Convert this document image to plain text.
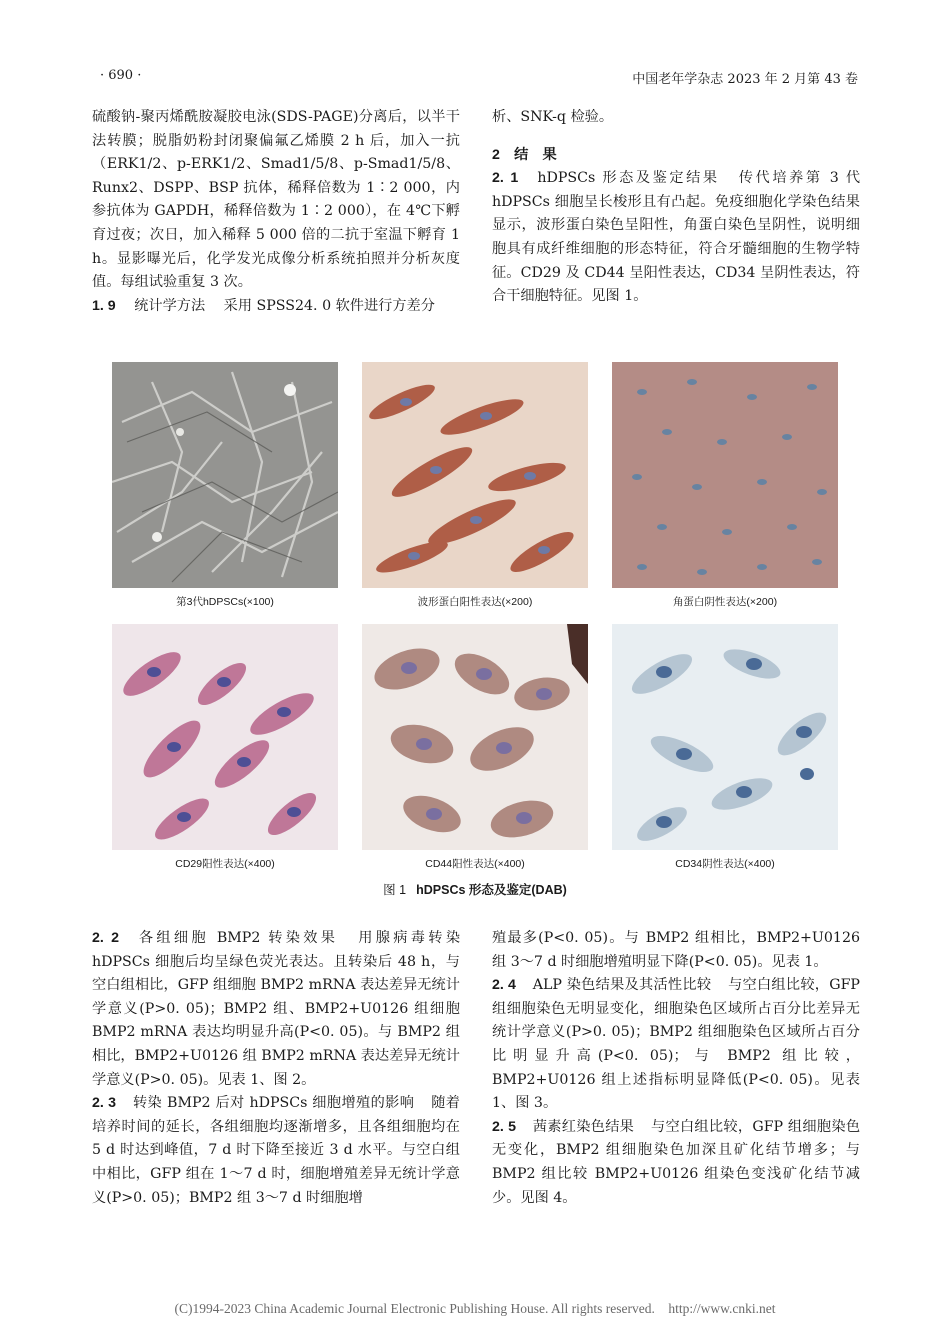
· 690 ·	中国老年学杂志 2023 年 2 月第 43 卷

硫酸钠-聚丙烯酰胺凝胶电泳(SDS-PAGE)分离后，以半干法转膜；脱脂奶粉封闭聚偏氟乙烯膜 2 h 后，加入一抗（ERK1/2、p-ERK1/2、Smad1/5/8、p-Smad1/5/8、Runx2、DSPP、BSP 抗体，稀释倍数为 1∶2 000，内参抗体为 GAPDH，稀释倍数为 1∶2 000），在 4℃下孵育过夜；次日，加入稀释 5 000 倍的二抗于室温下孵育 1 h。显影曝光后，化学发光成像分析系统拍照并分析灰度值。每组试验重复 3 次。

1. 9 统计学方法 采用 SPSS24. 0 软件进行方差分

析、SNK-q 检验。

2　结　果

2. 1 hDPSCs 形态及鉴定结果 传代培养第 3 代 hDPSCs 细胞呈长梭形且有凸起。免疫细胞化学染色结果显示，波形蛋白染色呈阳性，角蛋白染色呈阴性，说明细胞具有成纤维细胞的形态特征，符合牙髓细胞的生物学特征。CD29 及 CD44 呈阳性表达，CD34 呈阴性表达，符合干细胞特征。见图 1。

第3代hDPSCs(×100)	波形蛋白阳性表达(×200)	角蛋白阴性表达(×200)
CD29阳性表达(×400)	CD44阳性表达(×400)	CD34阴性表达(×400)
图 1 hDPSCs 形态及鉴定(DAB)

2. 2 各组细胞 BMP2 转染效果 用腺病毒转染 hDPSCs 细胞后均呈绿色荧光表达。且转染后 48 h，与空白组相比，GFP 组细胞 BMP2 mRNA 表达差异无统计学意义(P>0. 05)；BMP2 组、BMP2+U0126 组细胞 BMP2 mRNA 表达均明显升高(P<0. 05)。与 BMP2 组相比，BMP2+U0126 组 BMP2 mRNA 表达差异无统计学意义(P>0. 05)。见表 1、图 2。

2. 3 转染 BMP2 后对 hDPSCs 细胞增殖的影响 随着培养时间的延长，各组细胞均逐渐增多，且各组细胞均在 5 d 时达到峰值，7 d 时下降至接近 3 d 水平。与空白组中相比，GFP 组在 1～7 d 时，细胞增殖差异无统计学意义(P>0. 05)；BMP2 组 3～7 d 时细胞增

殖最多(P<0. 05)。与 BMP2 组相比，BMP2+U0126 组 3～7 d 时细胞增殖明显下降(P<0. 05)。见表 1。

2. 4 ALP 染色结果及其活性比较 与空白组比较，GFP 组细胞染色无明显变化，细胞染色区域所占百分比差异无统计学意义(P>0. 05)；BMP2 组细胞染色区域所占百分比明显升高(P<0. 05)；与 BMP2 组比较，BMP2+U0126 组上述指标明显降低(P<0. 05)。见表 1、图 3。

2. 5 茜素红染色结果 与空白组比较，GFP 组细胞染色无变化，BMP2 组细胞染色加深且矿化结节增多；与 BMP2 组比较 BMP2+U0126 组染色变浅矿化结节减少。见图 4。

(C)1994-2023 China Academic Journal Electronic Publishing House. All rights reserved.　http://www.cnki.net
